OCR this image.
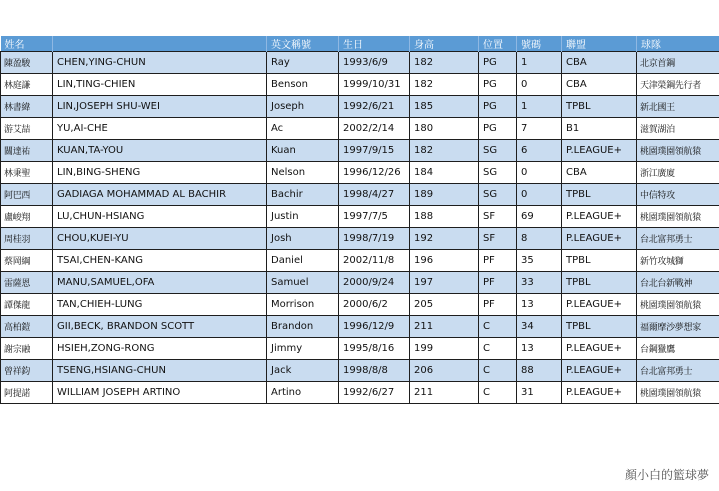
姓名		英文稱號	生日	身高	位置	號碼	聯盟	球隊
陳盈駿	CHEN,YING-CHUN	Ray	1993/6/9	182	PG	1	CBA	北京首鋼
林庭謙	LIN,TING-CHIEN	Benson	1999/10/31	182	PG	0	CBA	天津榮鋼先行者
林書緯	LIN,JOSEPH SHU-WEI	Joseph	1992/6/21	185	PG	1	TPBL	新北國王
游艾喆	YU,AI-CHE	Ac	2002/2/14	180	PG	7	B1	滋賀湖泊
關達祐	KUAN,TA-YOU	Kuan	1997/9/15	182	SG	6	P.LEAGUE+	桃園璞園領航猿
林秉聖	LIN,BING-SHENG	Nelson	1996/12/26	184	SG	0	CBA	浙江廣廈
阿巴西	GADIAGA MOHAMMAD AL BACHIR	Bachir	1998/4/27	189	SG	0	TPBL	中信特攻
盧峻翔	LU,CHUN-HSIANG	Justin	1997/7/5	188	SF	69	P.LEAGUE+	桃園璞園領航猿
周桂羽	CHOU,KUEI-YU	Josh	1998/7/19	192	SF	8	P.LEAGUE+	台北富邦勇士
蔡岡綱	TSAI,CHEN-KANG	Daniel	2002/11/8	196	PF	35	TPBL	新竹攻城獅
雷薩恩	MANU,SAMUEL,OFA	Samuel	2000/9/24	197	PF	33	TPBL	台北台新戰神
譚傑龍	TAN,CHIEH-LUNG	Morrison	2000/6/2	205	PF	13	P.LEAGUE+	桃園璞園領航猿
高柏鎧	GII,BECK, BRANDON SCOTT	Brandon	1996/12/9	211	C	34	TPBL	福爾摩沙夢想家
謝宗融	HSIEH,ZONG-RONG	Jimmy	1995/8/16	199	C	13	P.LEAGUE+	台鋼獵鷹
曾祥鈞	TSENG,HSIANG-CHUN	Jack	1998/8/8	206	C	88	P.LEAGUE+	台北富邦勇士
阿提諾	WILLIAM JOSEPH ARTINO	Artino	1992/6/27	211	C	31	P.LEAGUE+	桃園璞園領航猿
顏小白的籃球夢
